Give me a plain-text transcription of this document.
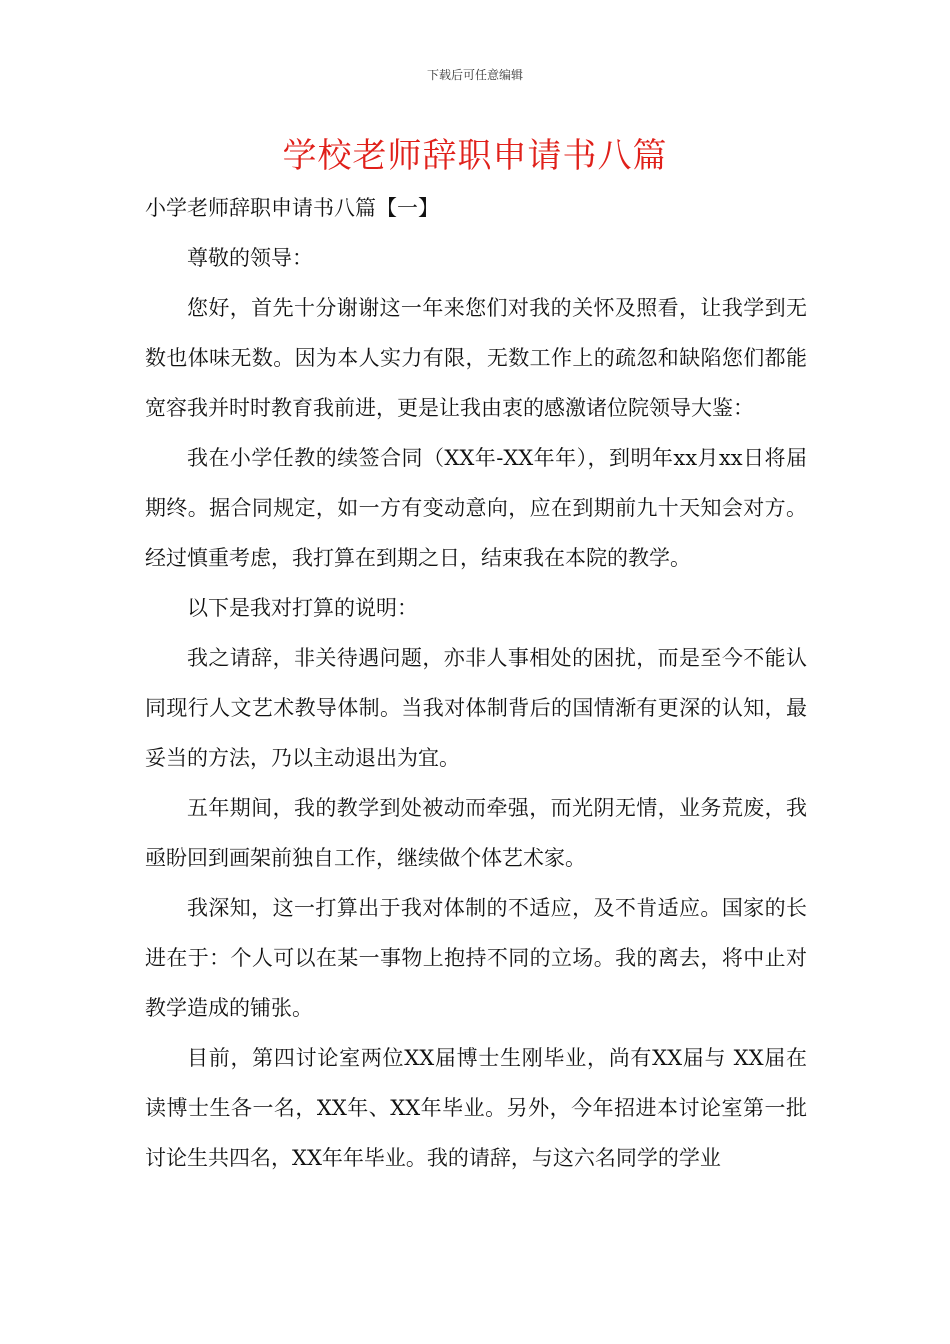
下载后可任意编辑
学校老师辞职申请书八篇

小学老师辞职申请书八篇【一】

尊敬的领导：

您好，首先十分谢谢这一年来您们对我的关怀及照看，让我学到无数也体味无数。因为本人实力有限，无数工作上的疏忽和缺陷您们都能宽容我并时时教育我前进，更是让我由衷的感激诸位院领导大鉴：

我在小学任教的续签合同（XX年-XX年年），到明年xx月xx日将届期终。据合同规定，如一方有变动意向，应在到期前九十天知会对方。经过慎重考虑，我打算在到期之日，结束我在本院的教学。

以下是我对打算的说明：

我之请辞，非关待遇问题，亦非人事相处的困扰，而是至今不能认同现行人文艺术教导体制。当我对体制背后的国情渐有更深的认知，最妥当的方法，乃以主动退出为宜。

五年期间，我的教学到处被动而牵强，而光阴无情，业务荒废，我亟盼回到画架前独自工作，继续做个体艺术家。

我深知，这一打算出于我对体制的不适应，及不肯适应。国家的长进在于：个人可以在某一事物上抱持不同的立场。我的离去，将中止对教学造成的铺张。

目前，第四讨论室两位XX届博士生刚毕业，尚有XX届与 XX届在读博士生各一名，XX年、XX年毕业。另外，今年招进本讨论室第一批讨论生共四名，XX年年毕业。我的请辞，与这六名同学的学业
